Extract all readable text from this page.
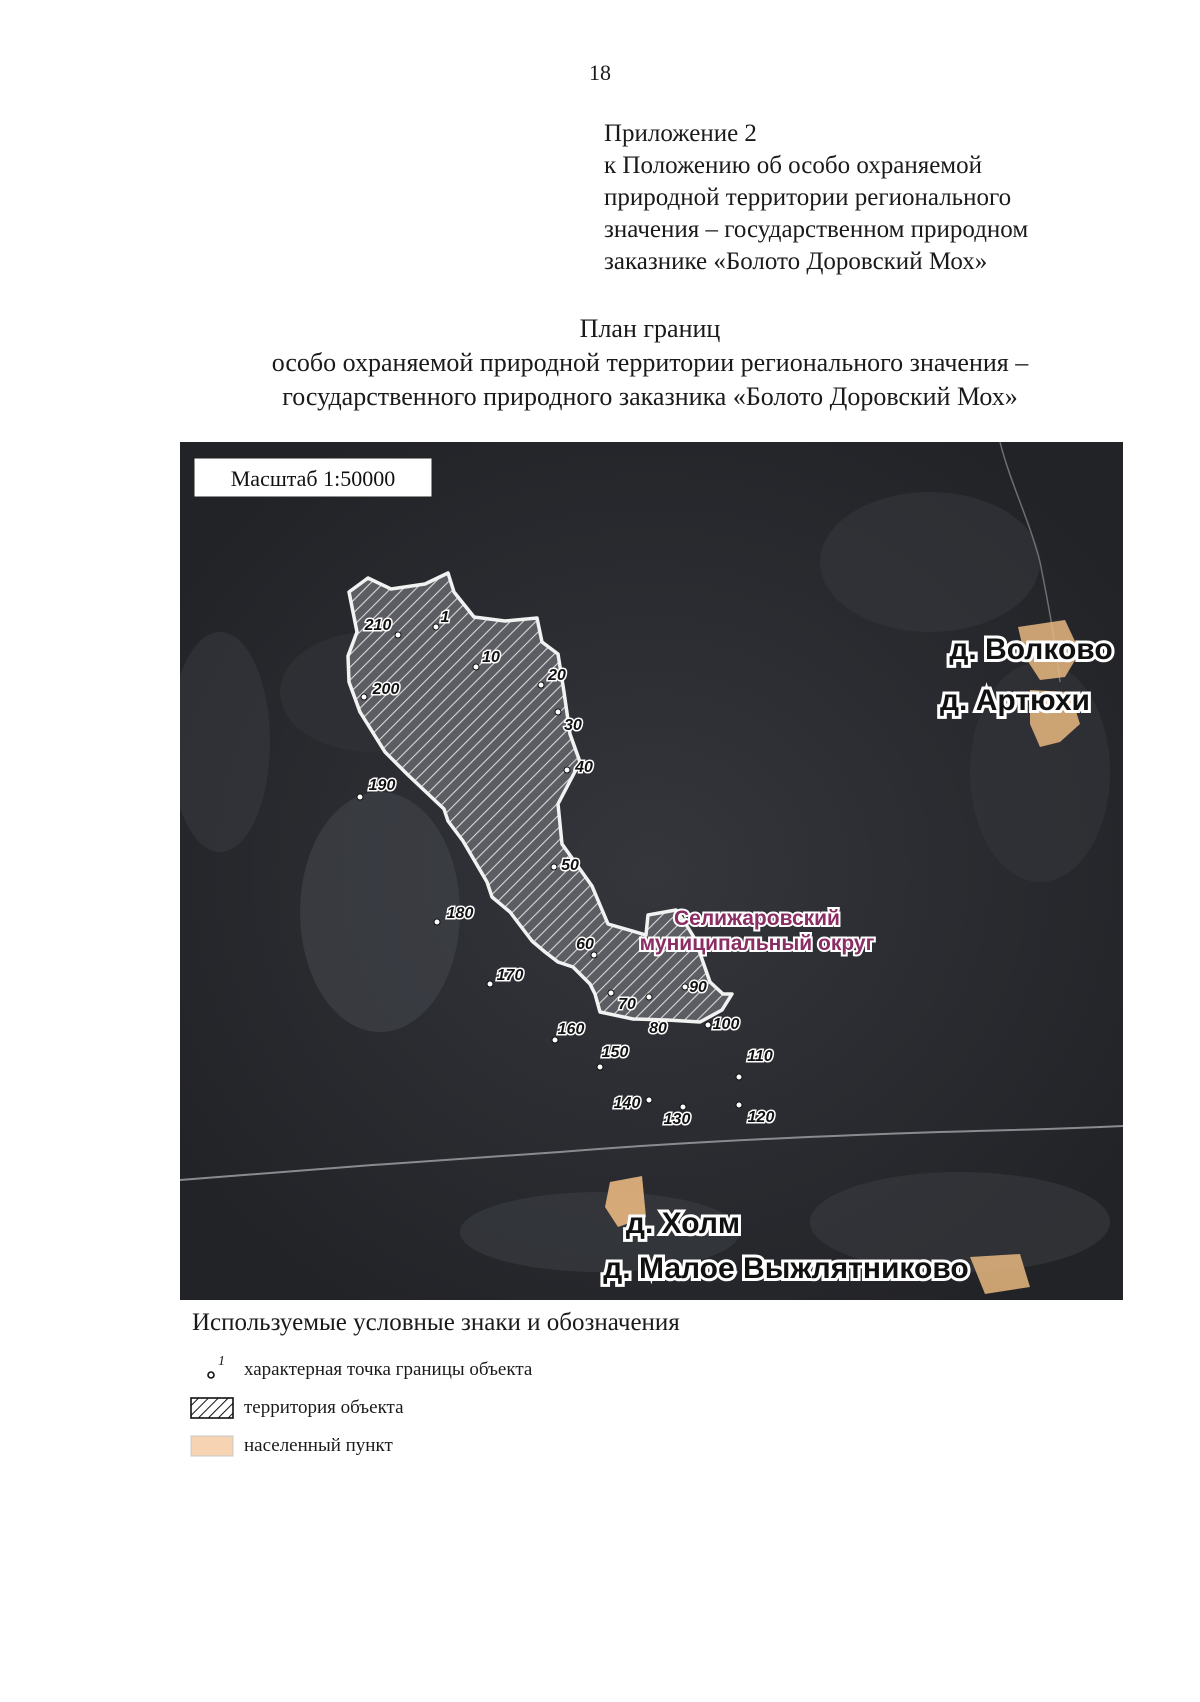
18
Приложение 2
к Положению об особо охраняемой
природной территории регионального
значения – государственном природном
заказнике «Болото Доровский Мох»
План границ
особо охраняемой природной территории регионального значения –
государственного природного заказника «Болото Доровский Мох»
Масштаб 1:50000
1
10
20
30
40
50
60
70
80
90
100
110
120
130
140
150
160
170
180
190
200
210
Селижаровский
муниципальный округ
д. Волково
д. Артюхи
д. Холм
д. Малое Выжлятниково
Используемые условные знаки и обозначения
1 характерная точка границы объекта
территория объекта
населенный пункт
